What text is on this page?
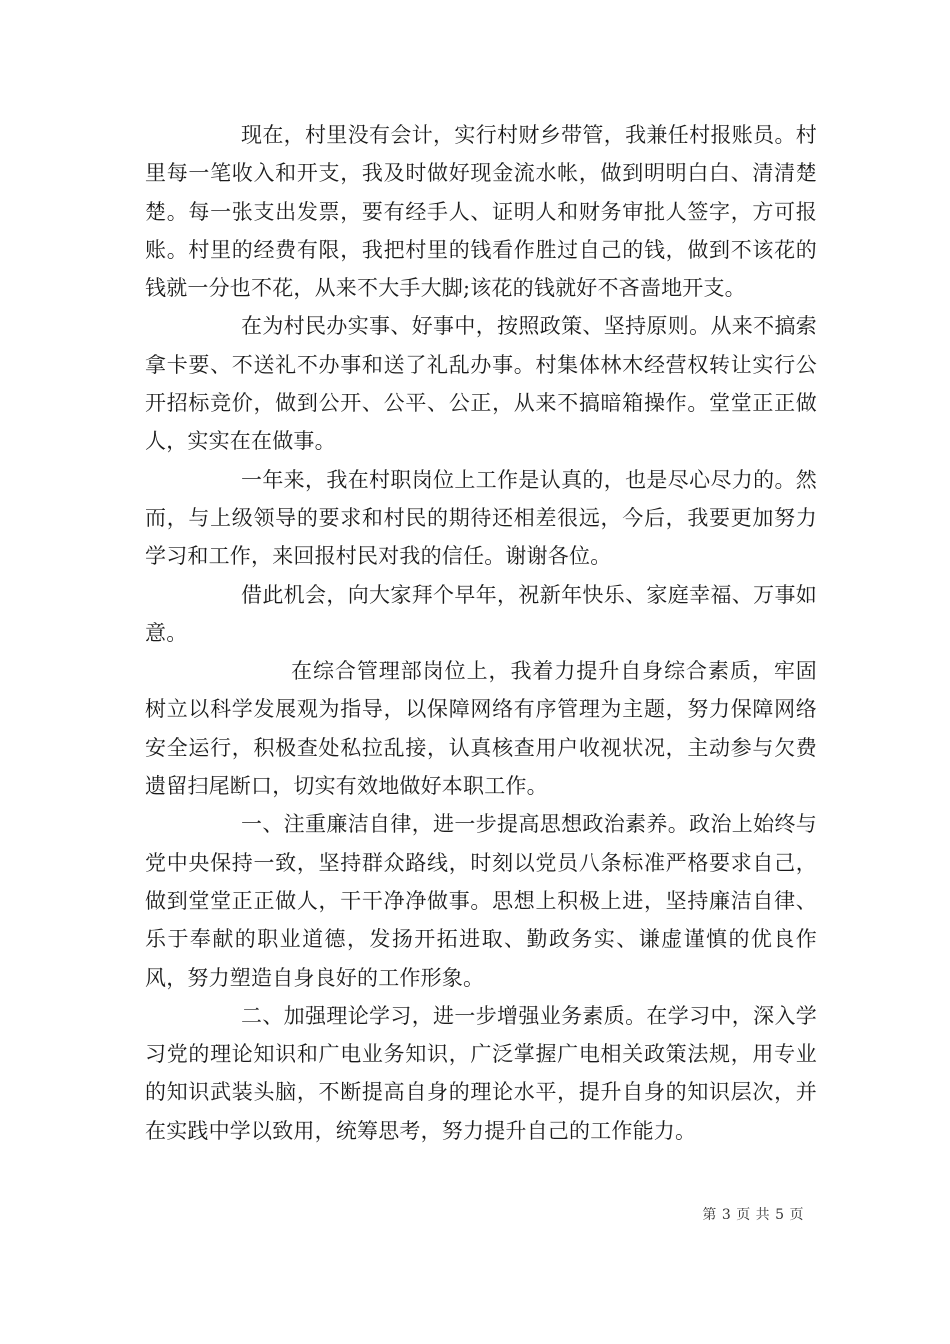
现在，村里没有会计，实行村财乡带管，我兼任村报账员。村里每一笔收入和开支，我及时做好现金流水帐，做到明明白白、清清楚楚。每一张支出发票，要有经手人、证明人和财务审批人签字，方可报账。村里的经费有限，我把村里的钱看作胜过自己的钱，做到不该花的钱就一分也不花，从来不大手大脚;该花的钱就好不吝啬地开支。

在为村民办实事、好事中，按照政策、坚持原则。从来不搞索拿卡要、不送礼不办事和送了礼乱办事。村集体林木经营权转让实行公开招标竞价，做到公开、公平、公正，从来不搞暗箱操作。堂堂正正做人，实实在在做事。

一年来，我在村职岗位上工作是认真的，也是尽心尽力的。然而，与上级领导的要求和村民的期待还相差很远，今后，我要更加努力学习和工作，来回报村民对我的信任。谢谢各位。

借此机会，向大家拜个早年，祝新年快乐、家庭幸福、万事如意。

在综合管理部岗位上，我着力提升自身综合素质，牢固树立以科学发展观为指导，以保障网络有序管理为主题，努力保障网络安全运行，积极查处私拉乱接，认真核查用户收视状况，主动参与欠费遗留扫尾断口，切实有效地做好本职工作。

一、注重廉洁自律，进一步提高思想政治素养。政治上始终与党中央保持一致，坚持群众路线，时刻以党员八条标准严格要求自己，做到堂堂正正做人，干干净净做事。思想上积极上进，坚持廉洁自律、乐于奉献的职业道德，发扬开拓进取、勤政务实、谦虚谨慎的优良作风，努力塑造自身良好的工作形象。

二、加强理论学习，进一步增强业务素质。在学习中，深入学习党的理论知识和广电业务知识，广泛掌握广电相关政策法规，用专业的知识武装头脑，不断提高自身的理论水平，提升自身的知识层次，并在实践中学以致用，统筹思考，努力提升自己的工作能力。

第 3 页 共 5 页
